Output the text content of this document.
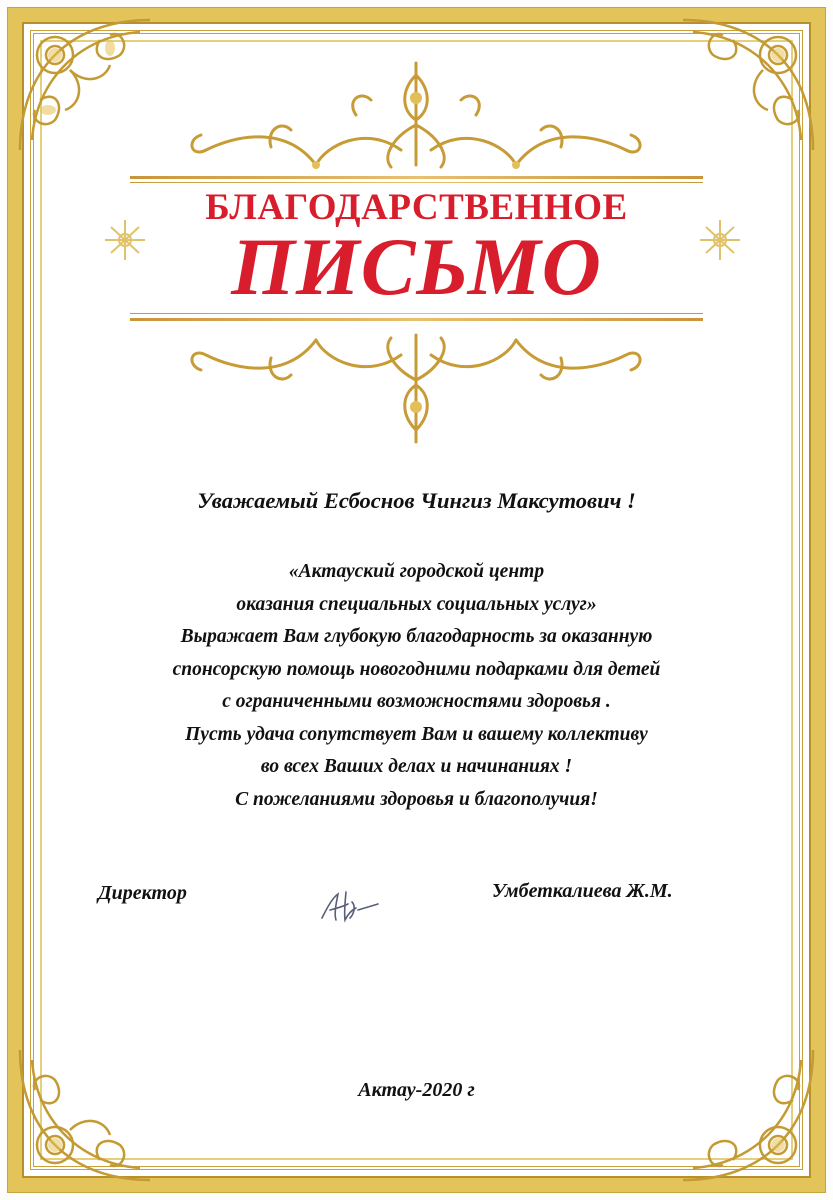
БЛАГОДАРСТВЕННОЕ
ПИСЬМО
Уважаемый Есбоснов Чингиз Максутович !
«Актауский городской центр
оказания специальных социальных услуг»
Выражает Вам глубокую благодарность за оказанную
спонсорскую помощь новогодними подарками для детей
с ограниченными возможностями здоровья .
Пусть удача сопутствует Вам и вашему коллективу
во всех Ваших делах и начинаниях !
С пожеланиями здоровья и благополучия!
Директор	Умбеткалиева Ж.М.
Актау-2020 г
